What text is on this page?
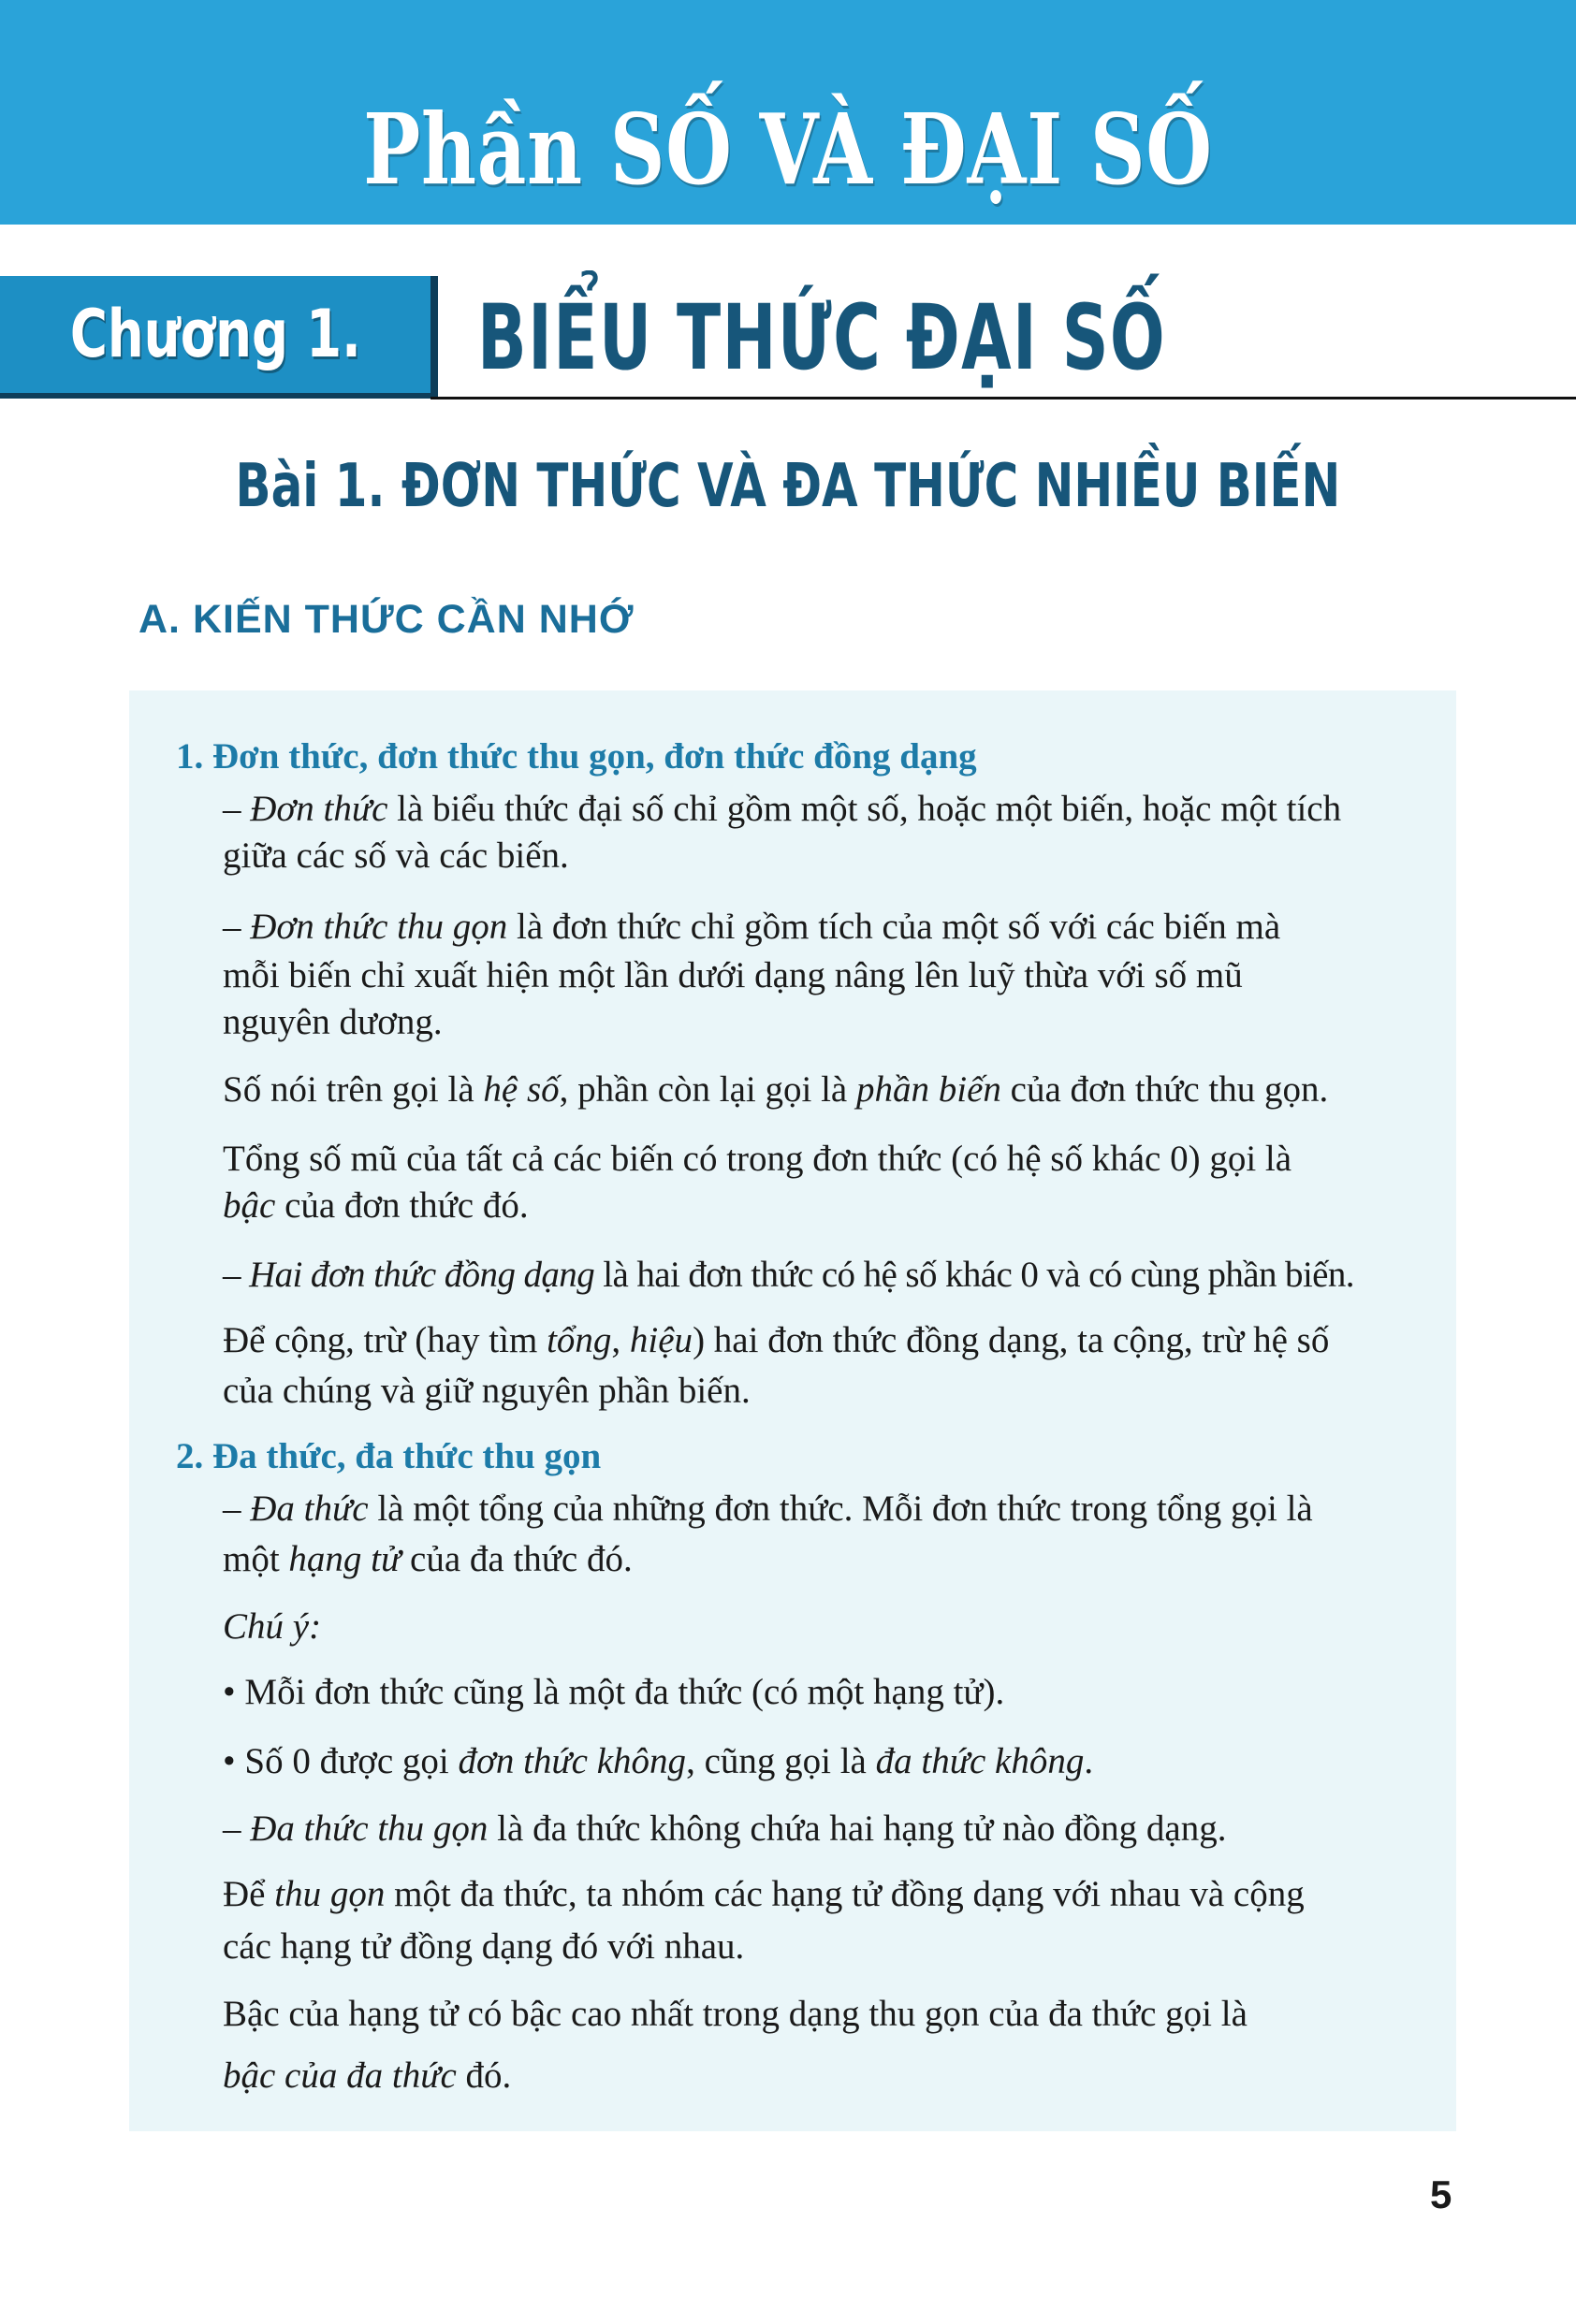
Phần SỐ VÀ ĐẠI SỐ
Chương 1.	BIỂU THỨC ĐẠI SỐ
Bài 1. ĐƠN THỨC VÀ ĐA THỨC NHIỀU BIẾN
A. KIẾN THỨC CẦN NHỚ
1. Đơn thức, đơn thức thu gọn, đơn thức đồng dạng
– Đơn thức là biểu thức đại số chỉ gồm một số, hoặc một biến, hoặc một tích
giữa các số và các biến.
– Đơn thức thu gọn là đơn thức chỉ gồm tích của một số với các biến mà
mỗi biến chỉ xuất hiện một lần dưới dạng nâng lên luỹ thừa với số mũ
nguyên dương.
Số nói trên gọi là hệ số, phần còn lại gọi là phần biến của đơn thức thu gọn.
Tổng số mũ của tất cả các biến có trong đơn thức (có hệ số khác 0) gọi là
bậc của đơn thức đó.
– Hai đơn thức đồng dạng là hai đơn thức có hệ số khác 0 và có cùng phần biến.
Để cộng, trừ (hay tìm tổng, hiệu) hai đơn thức đồng dạng, ta cộng, trừ hệ số
của chúng và giữ nguyên phần biến.
2. Đa thức, đa thức thu gọn
– Đa thức là một tổng của những đơn thức. Mỗi đơn thức trong tổng gọi là
một hạng tử của đa thức đó.
Chú ý:
• Mỗi đơn thức cũng là một đa thức (có một hạng tử).
• Số 0 được gọi đơn thức không, cũng gọi là đa thức không.
– Đa thức thu gọn là đa thức không chứa hai hạng tử nào đồng dạng.
Để thu gọn một đa thức, ta nhóm các hạng tử đồng dạng với nhau và cộng
các hạng tử đồng dạng đó với nhau.
Bậc của hạng tử có bậc cao nhất trong dạng thu gọn của đa thức gọi là
bậc của đa thức đó.
5
